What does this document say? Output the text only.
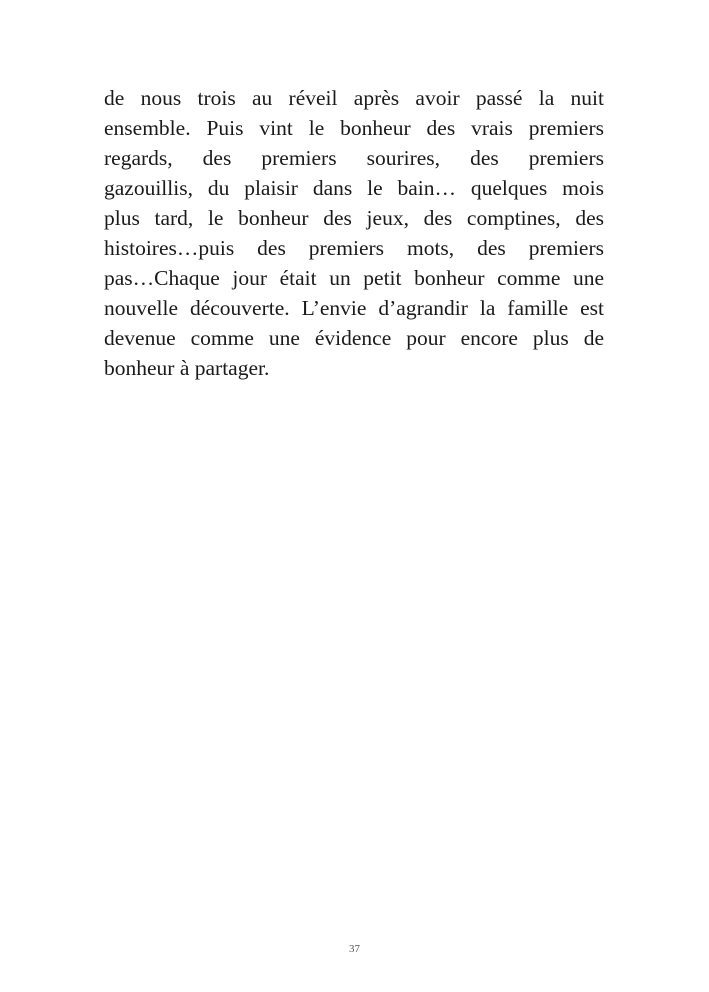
de nous trois au réveil après avoir passé la nuit
ensemble. Puis vint le bonheur des vrais premiers
regards, des premiers sourires, des premiers
gazouillis, du plaisir dans le bain… quelques mois
plus tard, le bonheur des jeux, des comptines, des
histoires…puis des premiers mots, des premiers
pas…Chaque jour était un petit bonheur comme une
nouvelle découverte. L’envie d’agrandir la famille est
devenue comme une évidence pour encore plus de
bonheur à partager.
37
